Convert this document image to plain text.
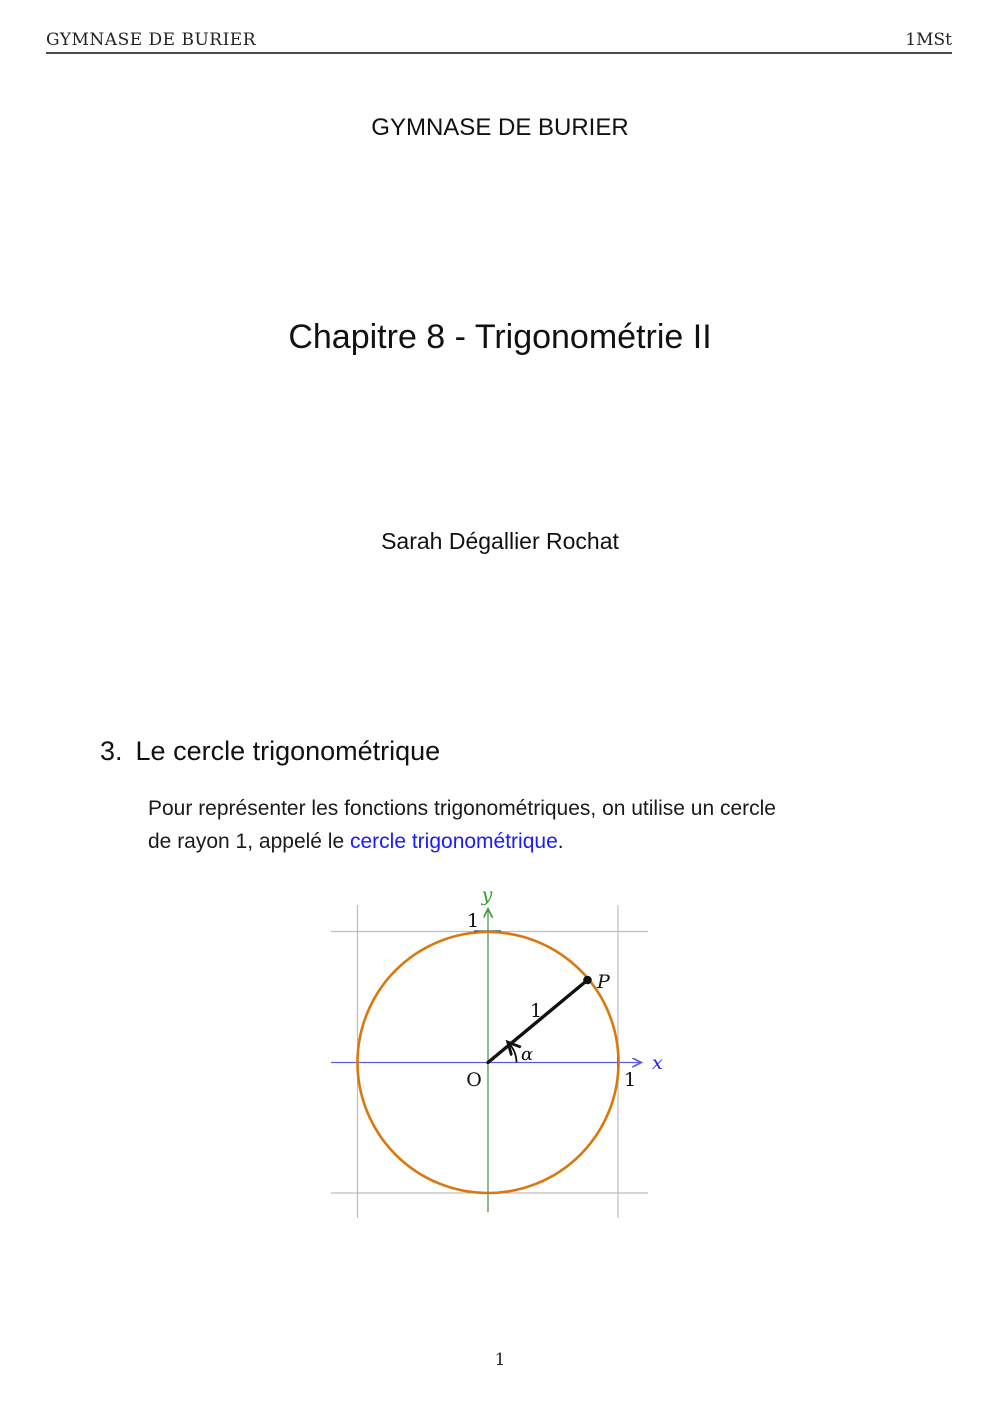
GYMNASE DE BURIER	1MSt
GYMNASE DE BURIER
Chapitre 8 - Trigonométrie II
Sarah Dégallier Rochat
3. Le cercle trigonométrique
Pour représenter les fonctions trigonométriques, on utilise un cercle
de rayon 1, appelé le cercle trigonométrique.
y
1
x
O	1
1
α
P
1
